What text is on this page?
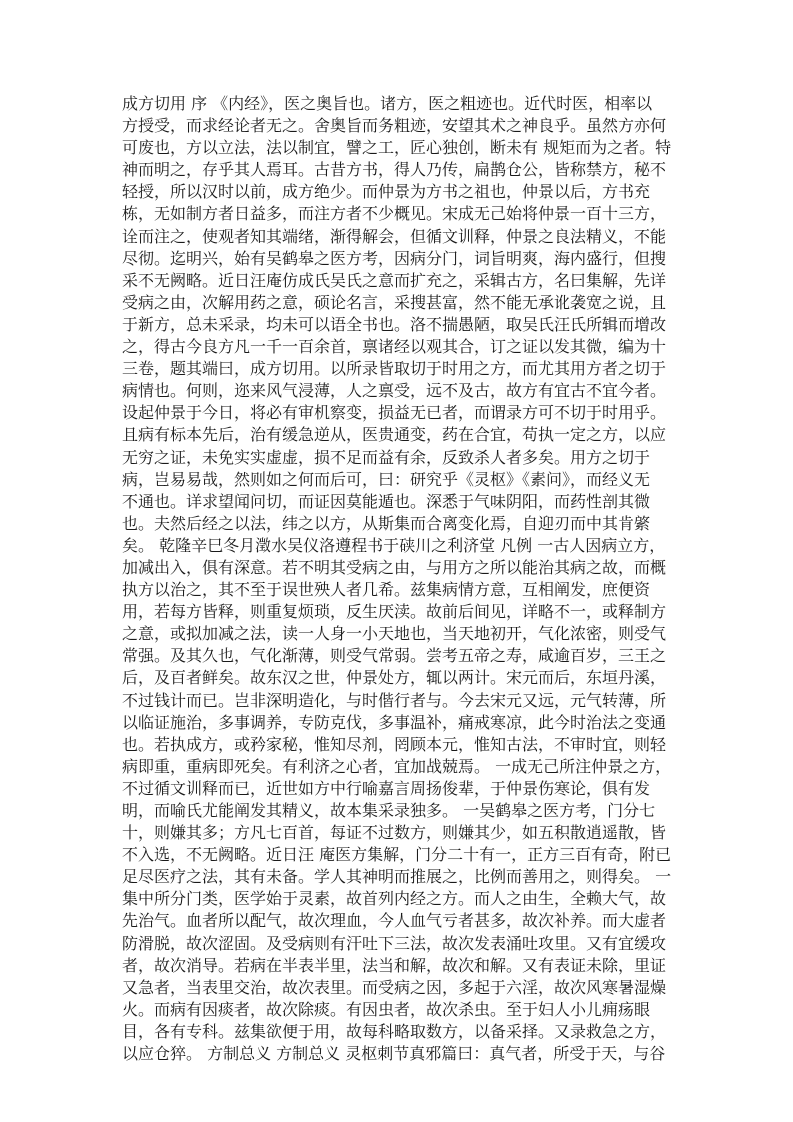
成方切用 序 《内经》，医之奥旨也。诸方，医之粗迹也。近代时医，相率以
方授受，而求经论者无之。舍奥旨而务粗迹，安望其术之神良乎。虽然方亦何
可废也，方以立法，法以制宜，譬之工，匠心独创，断未有 规矩而为之者。特
神而明之，存乎其人焉耳。古昔方书，得人乃传，扁鹊仓公，皆称禁方，秘不
轻授，所以汉时以前，成方绝少。而仲景为方书之祖也，仲景以后，方书充
栋，无如制方者日益多，而注方者不少概见。宋成无己始将仲景一百十三方，
诠而注之，使观者知其端绪，渐得解会，但循文训释，仲景之良法精义，不能
尽彻。迄明兴，始有吴鹤皋之医方考，因病分门，词旨明爽，海内盛行，但搜
采不无阙略。近日汪庵仿成氏吴氏之意而扩充之，采辑古方，名曰集解，先详
受病之由，次解用药之意，硕论名言，采搜甚富，然不能无承讹袭宽之说，且
于新方，总未采录，均未可以语全书也。洛不揣愚陋，取吴氏汪氏所辑而增改
之，得古今良方凡一千一百余首，禀诸经以观其合，订之证以发其微，编为十
三卷，题其端曰，成方切用。以所录皆取切于时用之方，而尤其用方者之切于
病情也。何则，迩来风气浸薄，人之禀受，远不及古，故方有宜古不宜今者。
设起仲景于今日，将必有审机察变，损益无已者，而谓录方可不切于时用乎。
且病有标本先后，治有缓急逆从，医贵通变，药在合宜，苟执一定之方，以应
无穷之证，未免实实虚虚，损不足而益有余，反致杀人者多矣。用方之切于
病，岂易易哉，然则如之何而后可，曰：研究乎《灵枢》《素问》，而经义无
不通也。详求望闻问切，而证因莫能遁也。深悉于气味阴阳，而药性剖其微
也。夫然后经之以法，纬之以方，从斯集而合离变化焉，自迎刃而中其肯綮
矣。 乾隆辛巳冬月澂水吴仪洛遵程书于硖川之利济堂 凡例 一古人因病立方，
加减出入，俱有深意。若不明其受病之由，与用方之所以能治其病之故，而概
执方以治之，其不至于误世殃人者几希。兹集病情方意，互相阐发，庶便资
用，若每方皆释，则重复烦琐，反生厌渎。故前后间见，详略不一，或释制方
之意，或拟加减之法，读一人身一小天地也，当天地初开，气化浓密，则受气
常强。及其久也，气化渐薄，则受气常弱。尝考五帝之寿，咸逾百岁，三王之
后，及百者鲜矣。故东汉之世，仲景处方，辄以两计。宋元而后，东垣丹溪，
不过钱计而已。岂非深明造化，与时偕行者与。今去宋元又远，元气转薄，所
以临证施治，多事调养，专防克伐，多事温补，痛戒寒凉，此今时治法之变通
也。若执成方，或矜家秘，惟知尽剂，罔顾本元，惟知古法，不审时宜，则轻
病即重，重病即死矣。有利济之心者，宜加战兢焉。 一成无己所注仲景之方，
不过循文训释而已，近世如方中行喻嘉言周扬俊辈，于仲景伤寒论，俱有发
明，而喻氏尤能阐发其精义，故本集采录独多。 一吴鹤皋之医方考，门分七
十，则嫌其多；方凡七百首，每证不过数方，则嫌其少，如五积散逍遥散，皆
不入选，不无阙略。近日汪 庵医方集解，门分二十有一，正方三百有奇，附已
足尽医疗之法，其有未备。学人其神明而推展之，比例而善用之，则得矣。 一
集中所分门类，医学始于灵素，故首列内经之方。而人之由生，全赖大气，故
先治气。血者所以配气，故次理血，今人血气亏者甚多，故次补养。而大虚者
防滑脱，故次涩固。及受病则有汗吐下三法，故次发表涌吐攻里。又有宜缓攻
者，故次消导。若病在半表半里，法当和解，故次和解。又有表证未除，里证
又急者，当表里交治，故次表里。而受病之因，多起于六淫，故次风寒暑湿燥
火。而病有因痰者，故次除痰。有因虫者，故次杀虫。至于妇人小儿痈疡眼
目，各有专科。兹集欲便于用，故每科略取数方，以备采择。又录救急之方，
以应仓猝。 方制总义 方制总义 灵枢刺节真邪篇曰：真气者，所受于天，与谷
